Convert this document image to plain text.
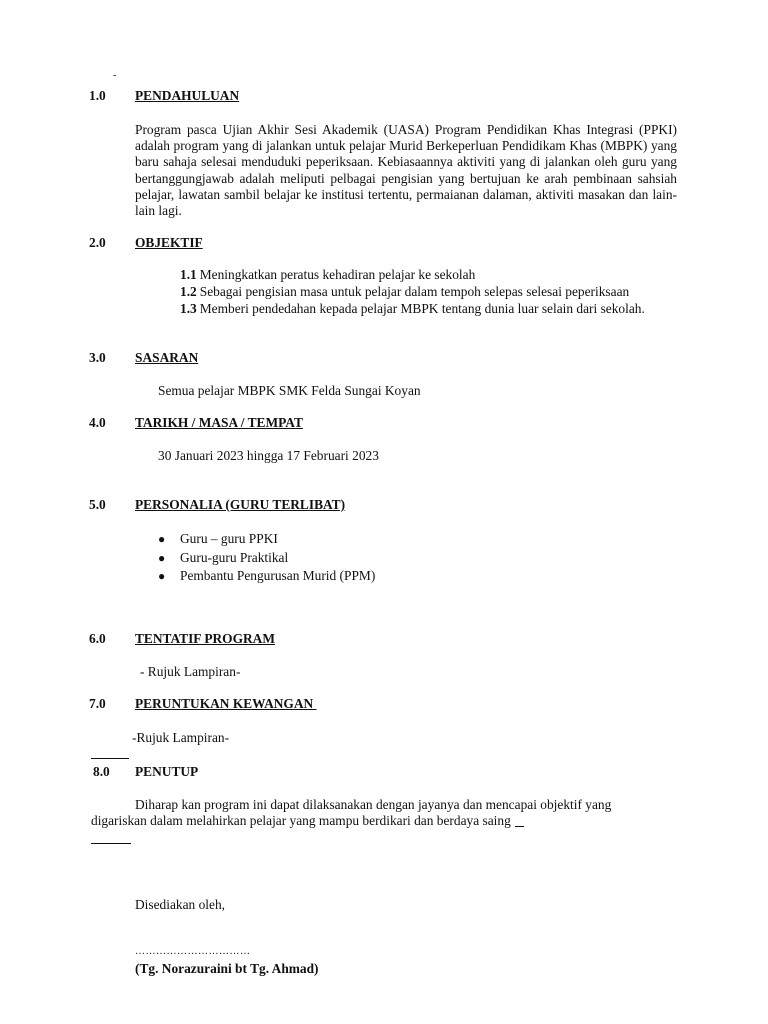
-
1.0 PENDAHULUAN
Program pasca Ujian Akhir Sesi Akademik (UASA) Program Pendidikan Khas Integrasi (PPKI) adalah program yang di jalankan untuk pelajar Murid Berkeperluan Pendidikam Khas (MBPK) yang baru sahaja selesai menduduki peperiksaan. Kebiasaannya aktiviti yang di jalankan oleh guru yang bertanggungjawab adalah meliputi pelbagai pengisian yang bertujuan ke arah pembinaan sahsiah pelajar, lawatan sambil belajar ke institusi tertentu, permaianan dalaman, aktiviti masakan dan lain-lain lagi.
2.0 OBJEKTIF
1.1 Meningkatkan peratus kehadiran pelajar ke sekolah
1.2 Sebagai pengisian masa untuk pelajar dalam tempoh selepas selesai peperiksaan
1.3 Memberi pendedahan kepada pelajar MBPK tentang dunia luar selain dari sekolah.
3.0 SASARAN
Semua pelajar MBPK SMK Felda Sungai Koyan
4.0 TARIKH / MASA / TEMPAT
30 Januari 2023 hingga 17 Februari 2023
5.0 PERSONALIA (GURU TERLIBAT)
● Guru – guru PPKI
● Guru-guru Praktikal
● Pembantu Pengurusan Murid (PPM)
6.0 TENTATIF PROGRAM
- Rujuk Lampiran-
7.0 PERUNTUKAN KEWANGAN
-Rujuk Lampiran-
8.0 PENUTUP
Diharap kan program ini dapat dilaksanakan dengan jayanya dan mencapai objektif yang
digariskan dalam melahirkan pelajar yang mampu berdikari dan berdaya saing
Disediakan oleh,
……………………………
(Tg. Norazuraini bt Tg. Ahmad)
